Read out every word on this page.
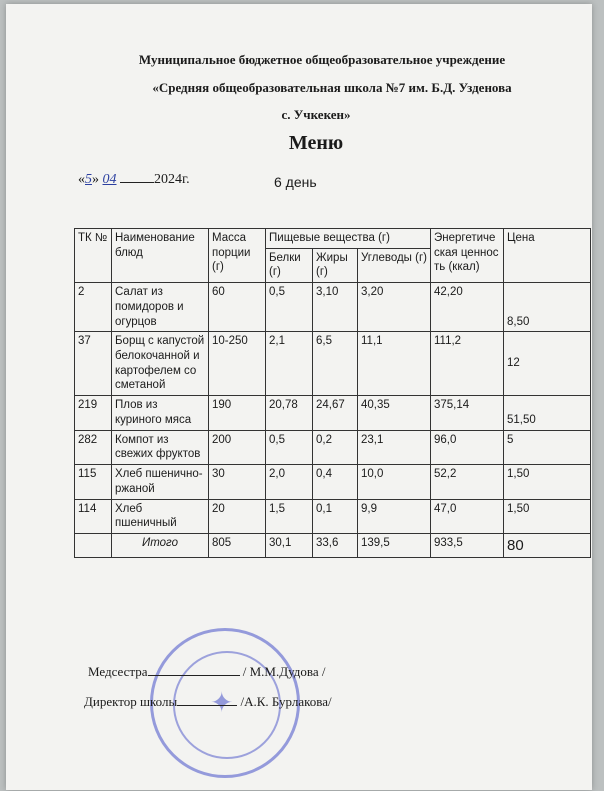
Муниципальное бюджетное общеобразовательное учреждение
«Средняя общеобразовательная школа №7 им. Б.Д. Узденова
с. Учкекен»
Меню
«5» 04	2024г.	6 день
ТК №	Наименование блюд	Масса порции (г)	Пищевые вещества (г)			Энергетическая ценность (ккал)	Цена
			Белки (г)	Жиры (г)	Углеводы (г)		
2	Салат из помидоров и огурцов	60	0,5	3,10	3,20	42,20	8,50
37	Борщ с капустой белокочанной и картофелем со сметаной	10-250	2,1	6,5	11,1	111,2	12
219	Плов из куриного мяса	190	20,78	24,67	40,35	375,14	51,50
282	Компот из свежих фруктов	200	0,5	0,2	23,1	96,0	5
115	Хлеб пшенично-ржаной	30	2,0	0,4	10,0	52,2	1,50
114	Хлеб пшеничный	20	1,5	0,1	9,9	47,0	1,50
	Итого	805	30,1	33,6	139,5	933,5	80
✦
Медсестра	/ М.М.Дудова /
Директор школы	/А.К. Бурлакова/
